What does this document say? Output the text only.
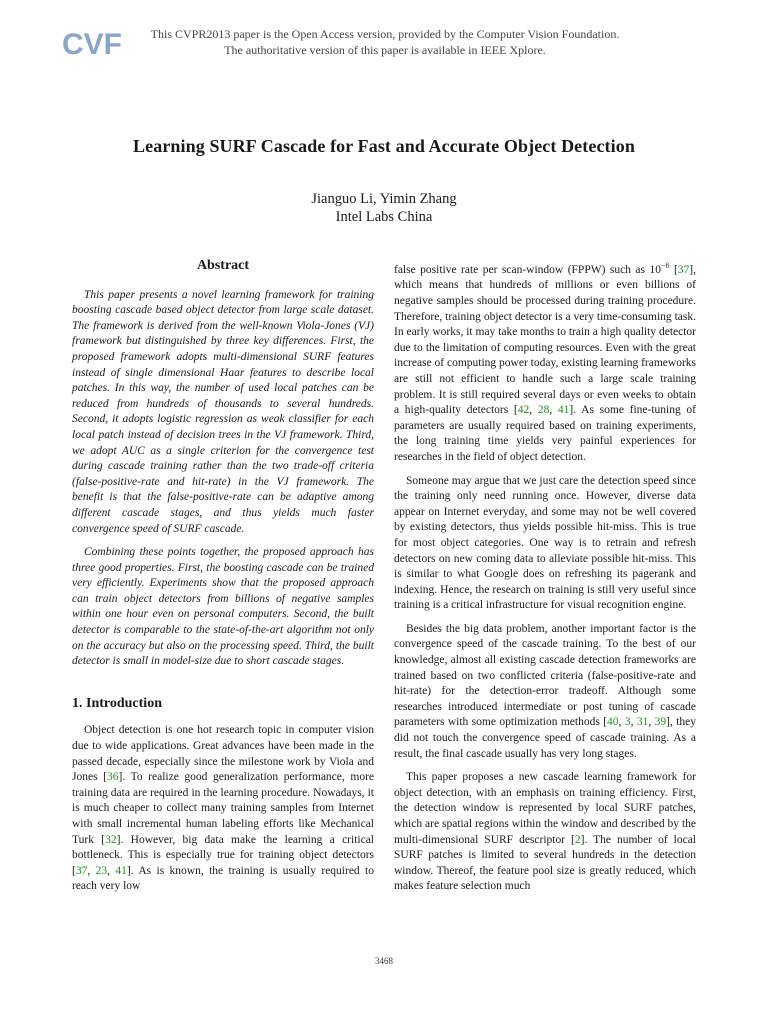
CVF	This CVPR2013 paper is the Open Access version, provided by the Computer Vision Foundation.
The authoritative version of this paper is available in IEEE Xplore.
Learning SURF Cascade for Fast and Accurate Object Detection
Jianguo Li, Yimin Zhang
Intel Labs China
Abstract

This paper presents a novel learning framework for training boosting cascade based object detector from large scale dataset. The framework is derived from the well-known Viola-Jones (VJ) framework but distinguished by three key differences. First, the proposed framework adopts multi-dimensional SURF features instead of single dimensional Haar features to describe local patches. In this way, the number of used local patches can be reduced from hundreds of thousands to several hundreds. Second, it adopts logistic regression as weak classifier for each local patch instead of decision trees in the VJ framework. Third, we adopt AUC as a single criterion for the convergence test during cascade training rather than the two trade-off criteria (false-positive-rate and hit-rate) in the VJ framework. The benefit is that the false-positive-rate can be adaptive among different cascade stages, and thus yields much faster convergence speed of SURF cascade.

Combining these points together, the proposed approach has three good properties. First, the boosting cascade can be trained very efficiently. Experiments show that the proposed approach can train object detectors from billions of negative samples within one hour even on personal computers. Second, the built detector is comparable to the state-of-the-art algorithm not only on the accuracy but also on the processing speed. Third, the built detector is small in model-size due to short cascade stages.

1. Introduction

Object detection is one hot research topic in computer vision due to wide applications. Great advances have been made in the passed decade, especially since the milestone work by Viola and Jones [36]. To realize good generalization performance, more training data are required in the learning procedure. Nowadays, it is much cheaper to collect many training samples from Internet with small incremental human labeling efforts like Mechanical Turk [32]. However, big data make the learning a critical bottleneck. This is especially true for training object detectors [37, 23, 41]. As is known, the training is usually required to reach very low

false positive rate per scan-window (FPPW) such as $10^{-6}$ [37], which means that hundreds of millions or even billions of negative samples should be processed during training procedure. Therefore, training object detector is a very time-consuming task. In early works, it may take months to train a high quality detector due to the limitation of computing resources. Even with the great increase of computing power today, existing learning frameworks are still not efficient to handle such a large scale training problem. It is still required several days or even weeks to obtain a high-quality detectors [42, 28, 41]. As some fine-tuning of parameters are usually required based on training experiments, the long training time yields very painful experiences for researches in the field of object detection.

Someone may argue that we just care the detection speed since the training only need running once. However, diverse data appear on Internet everyday, and some may not be well covered by existing detectors, thus yields possible hit-miss. This is true for most object categories. One way is to retrain and refresh detectors on new coming data to alleviate possible hit-miss. This is similar to what Google does on refreshing its pagerank and indexing. Hence, the research on training is still very useful since training is a critical infrastructure for visual recognition engine.

Besides the big data problem, another important factor is the convergence speed of the cascade training. To the best of our knowledge, almost all existing cascade detection frameworks are trained based on two conflicted criteria (false-positive-rate and hit-rate) for the detection-error tradeoff. Although some researches introduced intermediate or post tuning of cascade parameters with some optimization methods [40, 3, 31, 39], they did not touch the convergence speed of cascade training. As a result, the final cascade usually has very long stages.

This paper proposes a new cascade learning framework for object detection, with an emphasis on training efficiency. First, the detection window is represented by local SURF patches, which are spatial regions within the window and described by the multi-dimensional SURF descriptor [2]. The number of local SURF patches is limited to several hundreds in the detection window. Thereof, the feature pool size is greatly reduced, which makes feature selection much

3468
